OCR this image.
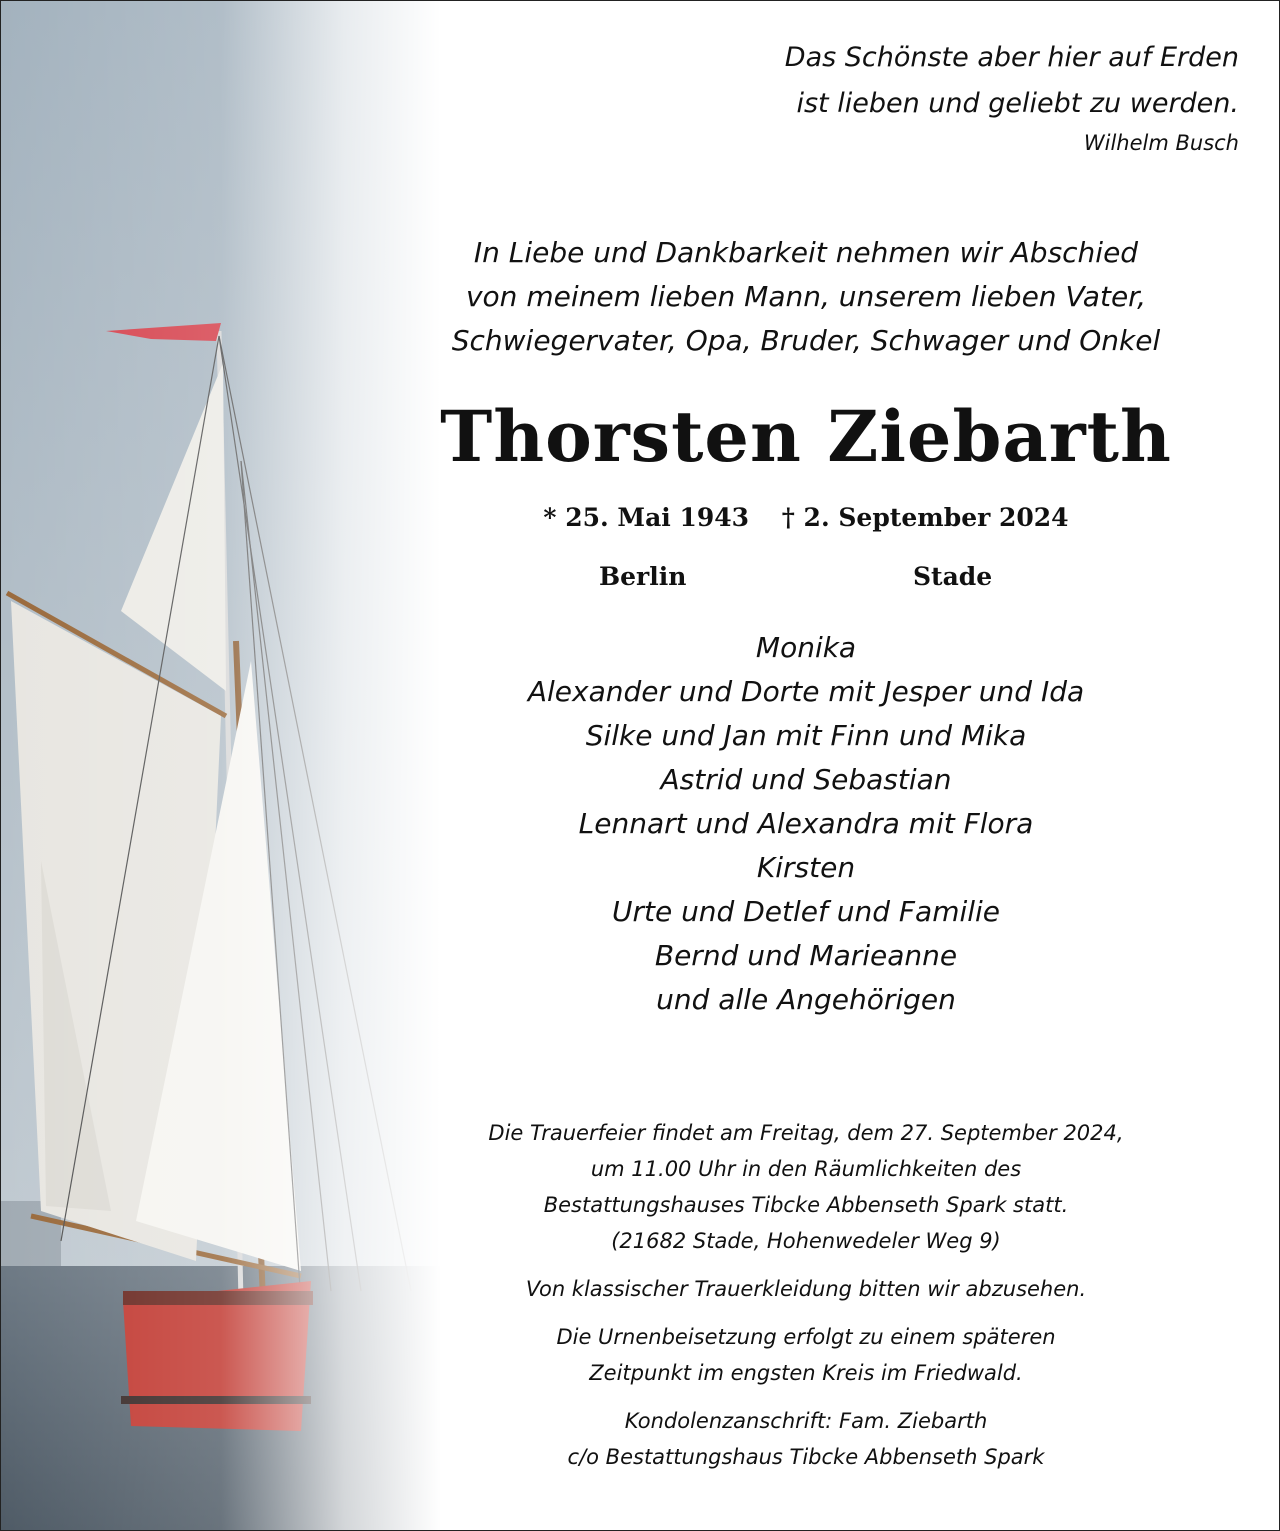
Das Schönste aber hier auf Erden
ist lieben und geliebt zu werden.
Wilhelm Busch
In Liebe und Dankbarkeit nehmen wir Abschied
von meinem lieben Mann, unserem lieben Vater,
Schwiegervater, Opa, Bruder, Schwager und Onkel
Thorsten Ziebarth
* 25. Mai 1943 † 2. September 2024
Berlin	Stade
Monika
Alexander und Dorte mit Jesper und Ida
Silke und Jan mit Finn und Mika
Astrid und Sebastian
Lennart und Alexandra mit Flora
Kirsten
Urte und Detlef und Familie
Bernd und Marieanne
und alle Angehörigen
Die Trauerfeier findet am Freitag, dem 27. September 2024,
um 11.00 Uhr in den Räumlichkeiten des
Bestattungshauses Tibcke Abbenseth Spark statt.
(21682 Stade, Hohenwedeler Weg 9)
Von klassischer Trauerkleidung bitten wir abzusehen.
Die Urnenbeisetzung erfolgt zu einem späteren
Zeitpunkt im engsten Kreis im Friedwald.
Kondolenzanschrift: Fam. Ziebarth
c/o Bestattungshaus Tibcke Abbenseth Spark
